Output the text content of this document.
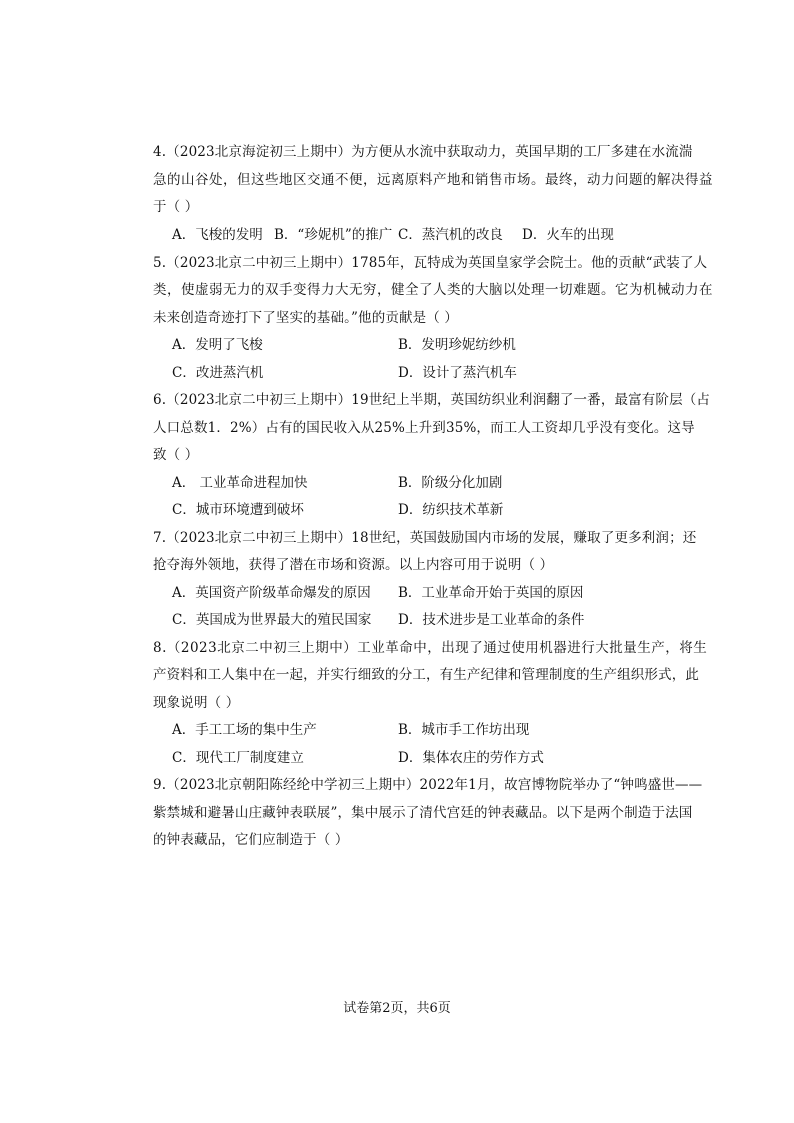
4.（2023北京海淀初三上期中）为方便从水流中获取动力，英国早期的工厂多建在水流湍
急的山谷处，但这些地区交通不便，远离原料产地和销售市场。最终，动力问题的解决得益
于（ ）
A．飞梭的发明 B．“珍妮机”的推广 C．蒸汽机的改良 D．火车的出现
5.（2023北京二中初三上期中）1785年，瓦特成为英国皇家学会院士。他的贡献“武装了人
类，使虚弱无力的双手变得力大无穷，健全了人类的大脑以处理一切难题。它为机械动力在
未来创造奇迹打下了坚实的基础。”他的贡献是（ ）
A．发明了飞梭	B．发明珍妮纺纱机
C．改进蒸汽机	D．设计了蒸汽机车
6.（2023北京二中初三上期中）19世纪上半期，英国纺织业利润翻了一番，最富有阶层（占
人口总数1．2%）占有的国民收入从25%上升到35%，而工人工资却几乎没有变化。这导
致（ ）
A． 工业革命进程加快	B．阶级分化加剧
C．城市环境遭到破坏	D．纺织技术革新
7.（2023北京二中初三上期中）18世纪，英国鼓励国内市场的发展，赚取了更多利润；还
抢夺海外领地，获得了潜在市场和资源。以上内容可用于说明（ ）
A．英国资产阶级革命爆发的原因 B．工业革命开始于英国的原因
C．英国成为世界最大的殖民国家 D．技术进步是工业革命的条件
8.（2023北京二中初三上期中）工业革命中，出现了通过使用机器进行大批量生产，将生
产资料和工人集中在一起，并实行细致的分工，有生产纪律和管理制度的生产组织形式，此
现象说明（ ）
A．手工工场的集中生产	B．城市手工作坊出现
C．现代工厂制度建立	D．集体农庄的劳作方式
9.（2023北京朝阳陈经纶中学初三上期中）2022年1月，故宫博物院举办了“钟鸣盛世——
紫禁城和避暑山庄藏钟表联展”，集中展示了清代宫廷的钟表藏品。以下是两个制造于法国
的钟表藏品，它们应制造于（ ）
试卷第2页，共6页
